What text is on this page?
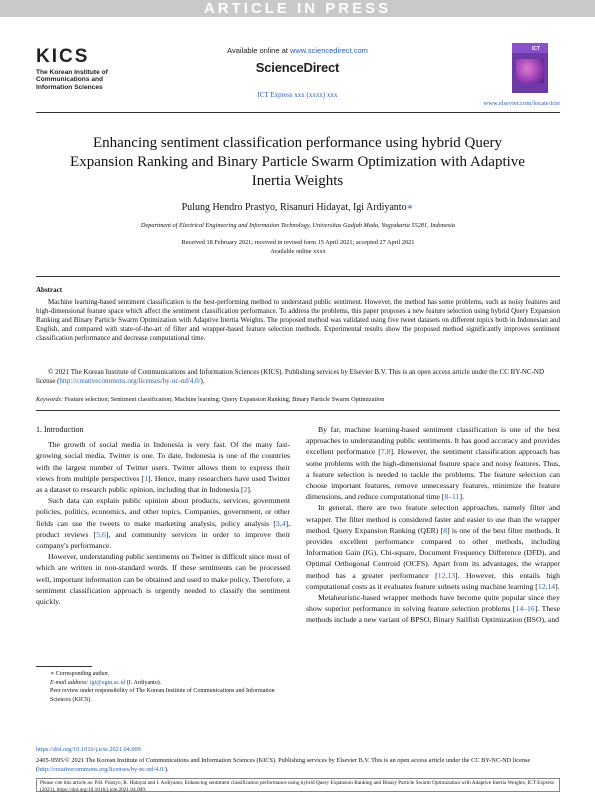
ARTICLE IN PRESS
KICS
The Korean Institute of
Communications and
Information Sciences
Available online at www.sciencedirect.com
ScienceDirect
ICT Express xxx (xxxx) xxx
ICT
www.elsevier.com/locate/icte
Enhancing sentiment classification performance using hybrid Query Expansion Ranking and Binary Particle Swarm Optimization with Adaptive Inertia Weights
Pulung Hendro Prastyo, Risanuri Hidayat, Igi Ardiyanto∗
Department of Electrical Engineering and Information Technology, Universitas Gadjah Mada, Yogyakarta 55281, Indonesia
Received 18 February 2021; received in revised form 15 April 2021; accepted 27 April 2021
Available online xxxx
Abstract
Machine learning-based sentiment classification is the best-performing method to understand public sentiment. However, the method has some problems, such as noisy features and high-dimensional feature space which affect the sentiment classification performance. To address the problems, this paper proposes a new feature selection using hybrid Query Expansion Ranking and Binary Particle Swarm Optimization with Adaptive Inertia Weights. The proposed method was validated using five tweet datasets on different topics both in Indonesian and English, and compared with state-of-the-art of filter and wrapper-based feature selection methods. Experimental results show the proposed method significantly improves sentiment classification performance and decrease computational time.
© 2021 The Korean Institute of Communications and Information Sciences (KICS). Publishing services by Elsevier B.V. This is an open access article under the CC BY-NC-ND license (http://creativecommons.org/licenses/by-nc-nd/4.0/).
Keywords: Feature selection; Sentiment classification; Machine learning; Query Expansion Ranking; Binary Particle Swarm Optimization
1. Introduction

The growth of social media in Indonesia is very fast. Of the many fast-growing social media, Twitter is one. To date, Indonesia is one of the countries with the largest number of Twitter users. Twitter allows them to express their views from multiple perspectives [1]. Hence, many researchers have used Twitter as a dataset to research public opinion, including that in Indonesia [2].

Such data can explain public opinion about products, services, government policies, politics, economics, and other topics. Companies, government, or other fields can use the tweets to make marketing analysis, policy analysis [3,4], product reviews [5,6], and community services in order to improve their company's performance.

However, understanding public sentiments on Twitter is difficult since most of which are written in non-standard words. If these sentiments can be processed well, important information can be obtained and used to make policy. Therefore, a sentiment classification approach is urgently needed to classify the sentiment quickly.

By far, machine learning-based sentiment classification is one of the best approaches to understanding public sentiments. It has good accuracy and provides excellent performance [7,8]. However, the sentiment classification approach has some problems with the high-dimensional feature space and noisy features. Thus, a feature selection is needed to tackle the problems. The feature selection can choose important features, remove unnecessary features, minimize the feature dimensions, and reduce computational time [8–11].

In general, there are two feature selection approaches, namely filter and wrapper. The filter method is considered faster and easier to use than the wrapper method. Query Expansion Ranking (QER) [8] is one of the best filter methods. It provides excellent performance compared to other methods, including Information Gain (IG), Chi-square, Document Frequency Difference (DFD), and Optimal Orthogonal Centroid (OCFS). Apart from its advantages, the wrapper method has a greater performance [12,13]. However, this entails high computational costs as it evaluates feature subsets using machine learning [12,14].

Metaheuristic-based wrapper methods have become quite popular since they show superior performance in solving feature selection problems [14–16]. These methods include a new variant of BPSO, Binary Sailfish Optimization (BSO), and

∗ Corresponding author.
E-mail address: igi@ugm.ac.id (I. Ardiyanto).
Peer review under responsibility of The Korean Institute of Communications and Information Sciences (KICS).
https://doi.org/10.1016/j.icte.2021.04.009
2405-9595/© 2021 The Korean Institute of Communications and Information Sciences (KICS). Publishing services by Elsevier B.V. This is an open access article under the CC BY-NC-ND license (http://creativecommons.org/licenses/by-nc-nd/4.0/).
Please cite this article as: P.H. Prastyo, R. Hidayat and I. Ardiyanto, Enhancing sentiment classification performance using hybrid Query Expansion Ranking and Binary Particle Swarm Optimization with Adaptive Inertia Weights, ICT Express (2021), https://doi.org/10.1016/j.icte.2021.04.009.
